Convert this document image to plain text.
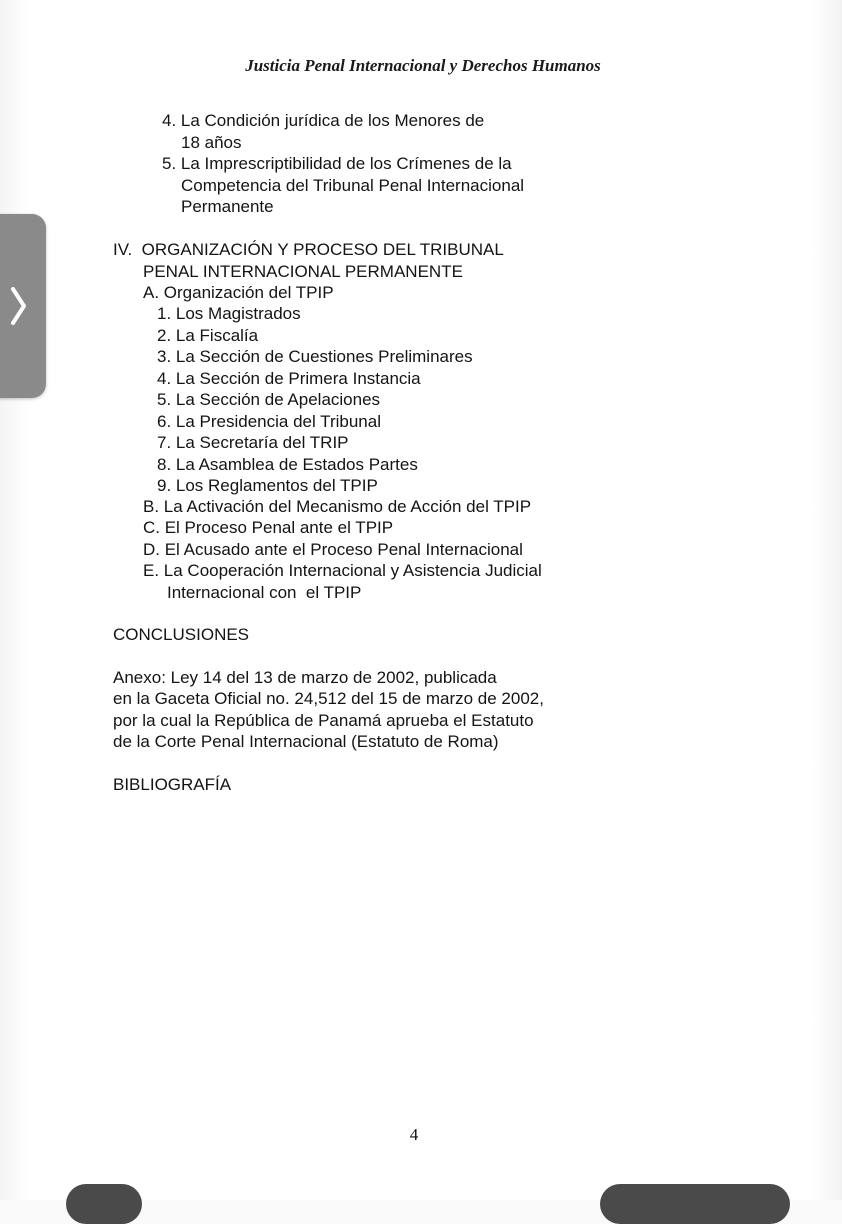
Justicia Penal Internacional y Derechos Humanos
4. La Condición jurídica de los Menores de
18 años
5. La Imprescriptibilidad de los Crímenes de la
Competencia del Tribunal Penal Internacional
Permanente
IV.  ORGANIZACIÓN Y PROCESO DEL TRIBUNAL
PENAL INTERNACIONAL PERMANENTE
A. Organización del TPIP
1. Los Magistrados
2. La Fiscalía
3. La Sección de Cuestiones Preliminares
4. La Sección de Primera Instancia
5. La Sección de Apelaciones
6. La Presidencia del Tribunal
7. La Secretaría del TRIP
8. La Asamblea de Estados Partes
9. Los Reglamentos del TPIP
B. La Activación del Mecanismo de Acción del TPIP
C. El Proceso Penal ante el TPIP
D. El Acusado ante el Proceso Penal Internacional
E. La Cooperación Internacional y Asistencia Judicial
Internacional con  el TPIP
CONCLUSIONES
Anexo: Ley 14 del 13 de marzo de 2002, publicada
en la Gaceta Oficial no. 24,512 del 15 de marzo de 2002,
por la cual la República de Panamá aprueba el Estatuto
de la Corte Penal Internacional (Estatuto de Roma)
BIBLIOGRAFÍA
4
